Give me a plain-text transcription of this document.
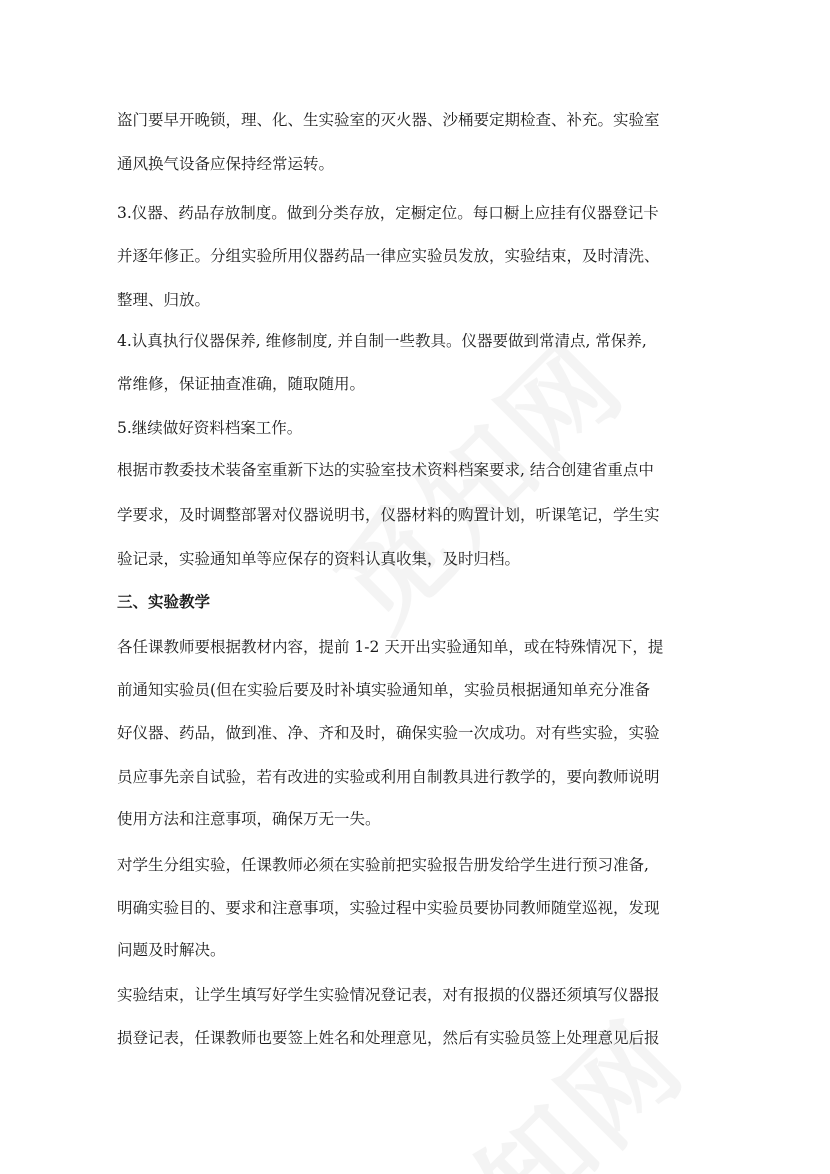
盗门要早开晚锁，理、化、生实验室的灭火器、沙桶要定期检查、补充。实验室

通风换气设备应保持经常运转。

3.仪器、药品存放制度。做到分类存放，定橱定位。每口橱上应挂有仪器登记卡

并逐年修正。分组实验所用仪器药品一律应实验员发放，实验结束，及时清洗、

整理、归放。

4.认真执行仪器保养, 维修制度, 并自制一些教具。仪器要做到常清点, 常保养,

常维修，保证抽查准确，随取随用。

5.继续做好资料档案工作。

根据市教委技术装备室重新下达的实验室技术资料档案要求, 结合创建省重点中

学要求，及时调整部署对仪器说明书，仪器材料的购置计划，听课笔记，学生实

验记录，实验通知单等应保存的资料认真收集，及时归档。

三、实验教学

各任课教师要根据教材内容，提前 1-2 天开出实验通知单，或在特殊情况下，提

前通知实验员(但在实验后要及时补填实验通知单，实验员根据通知单充分准备

好仪器、药品，做到准、净、齐和及时，确保实验一次成功。对有些实验，实验

员应事先亲自试验，若有改进的实验或利用自制教具进行教学的，要向教师说明

使用方法和注意事项，确保万无一失。

对学生分组实验，任课教师必须在实验前把实验报告册发给学生进行预习准备,

明确实验目的、要求和注意事项，实验过程中实验员要协同教师随堂巡视，发现

问题及时解决。

实验结束，让学生填写好学生实验情况登记表，对有报损的仪器还须填写仪器报

损登记表，任课教师也要签上姓名和处理意见，然后有实验员签上处理意见后报
